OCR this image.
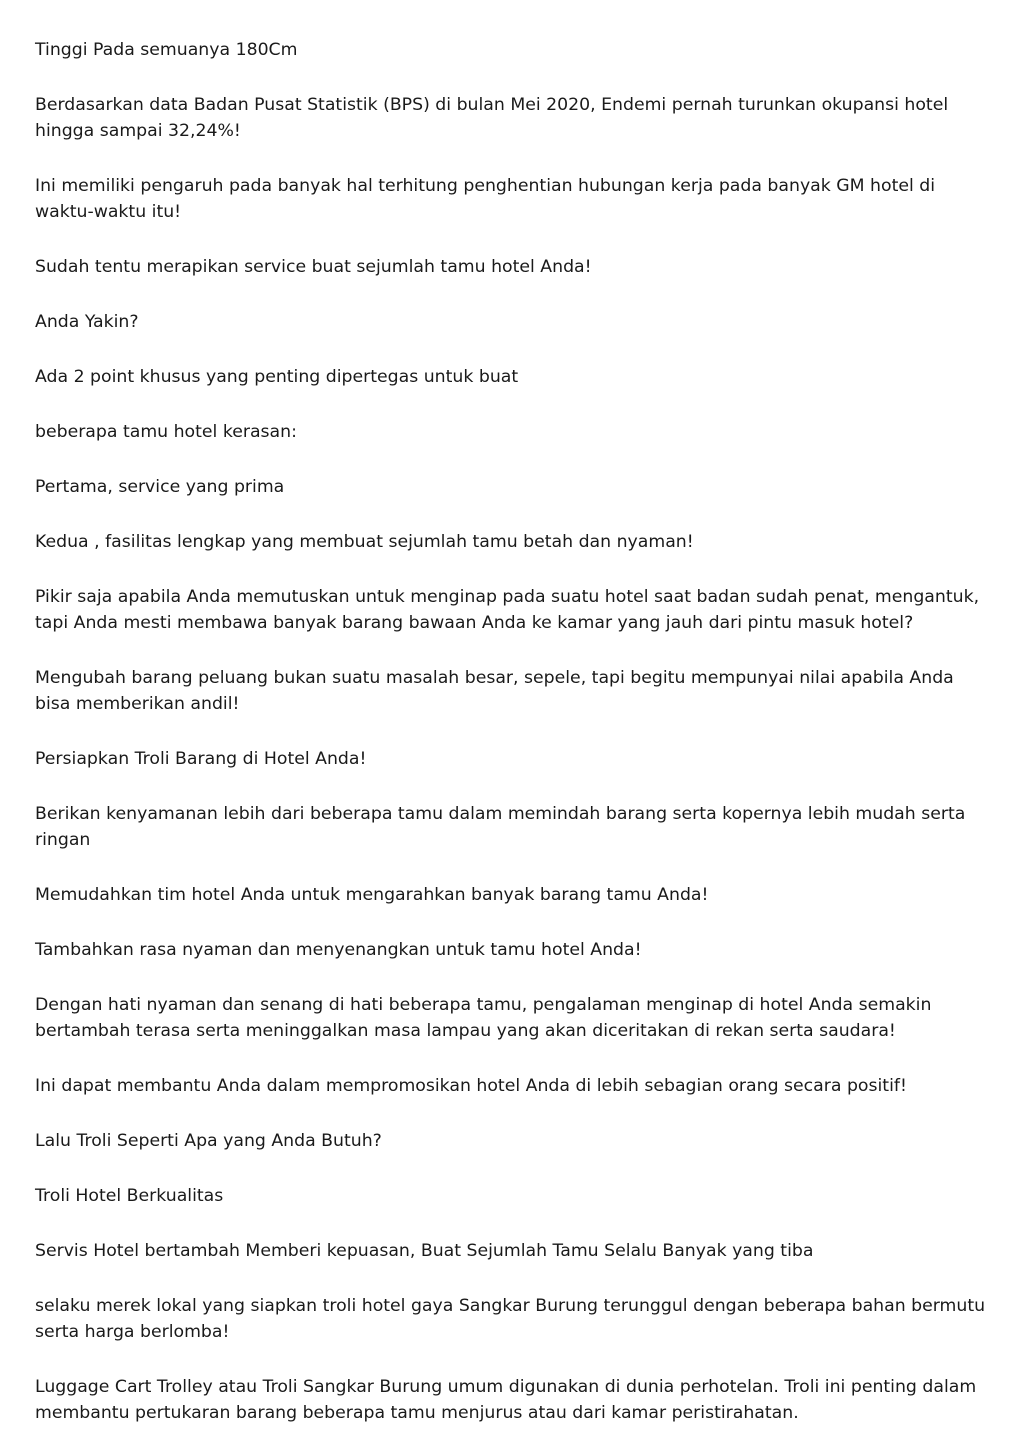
Tinggi Pada semuanya 180Cm

Berdasarkan data Badan Pusat Statistik (BPS) di bulan Mei 2020, Endemi pernah turunkan okupansi hotel hingga sampai 32,24%!

Ini memiliki pengaruh pada banyak hal terhitung penghentian hubungan kerja pada banyak GM hotel di waktu-waktu itu!

Sudah tentu merapikan service buat sejumlah tamu hotel Anda!

Anda Yakin?

Ada 2 point khusus yang penting dipertegas untuk buat

beberapa tamu hotel kerasan:

Pertama, service yang prima

Kedua , fasilitas lengkap yang membuat sejumlah tamu betah dan nyaman!

Pikir saja apabila Anda memutuskan untuk menginap pada suatu hotel saat badan sudah penat, mengantuk, tapi Anda mesti membawa banyak barang bawaan Anda ke kamar yang jauh dari pintu masuk hotel?

Mengubah barang peluang bukan suatu masalah besar, sepele, tapi begitu mempunyai nilai apabila Anda bisa memberikan andil!

Persiapkan Troli Barang di Hotel Anda!

Berikan kenyamanan lebih dari beberapa tamu dalam memindah barang serta kopernya lebih mudah serta ringan

Memudahkan tim hotel Anda untuk mengarahkan banyak barang tamu Anda!

Tambahkan rasa nyaman dan menyenangkan untuk tamu hotel Anda!

Dengan hati nyaman dan senang di hati beberapa tamu, pengalaman menginap di hotel Anda semakin bertambah terasa serta meninggalkan masa lampau yang akan diceritakan di rekan serta saudara!

Ini dapat membantu Anda dalam mempromosikan hotel Anda di lebih sebagian orang secara positif!

Lalu Troli Seperti Apa yang Anda Butuh?

Troli Hotel Berkualitas

Servis Hotel bertambah Memberi kepuasan, Buat Sejumlah Tamu Selalu Banyak yang tiba

selaku merek lokal yang siapkan troli hotel gaya Sangkar Burung terunggul dengan beberapa bahan bermutu serta harga berlomba!

Luggage Cart Trolley atau Troli Sangkar Burung umum digunakan di dunia perhotelan. Troli ini penting dalam membantu pertukaran barang beberapa tamu menjurus atau dari kamar peristirahatan.
